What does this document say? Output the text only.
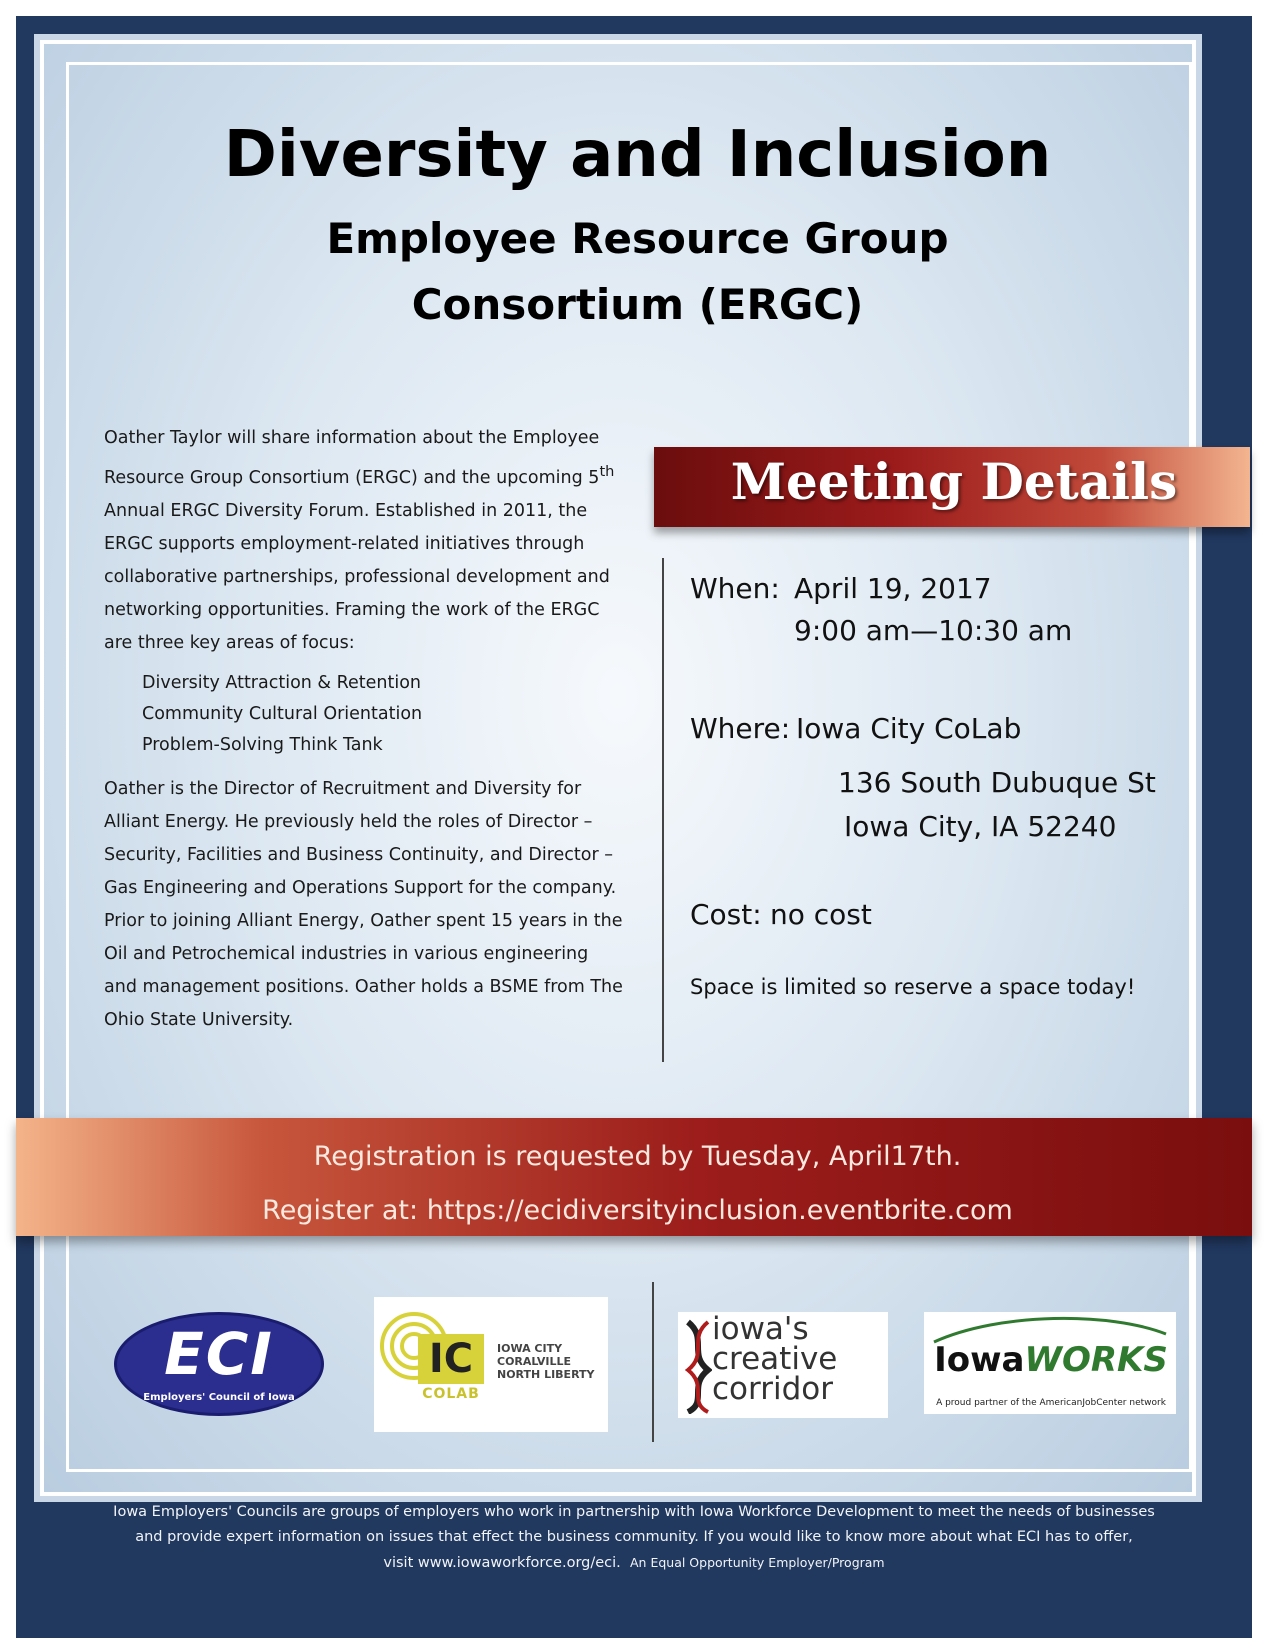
Diversity and Inclusion
Employee Resource Group
Consortium (ERGC)

Oather Taylor will share information about the Employee Resource Group Consortium (ERGC) and the upcoming 5th Annual ERGC Diversity Forum. Established in 2011, the ERGC supports employment-related initiatives through collaborative partnerships, professional development and networking opportunities. Framing the work of the ERGC are three key areas of focus:

Diversity Attraction & Retention
Community Cultural Orientation
Problem-Solving Think Tank

Oather is the Director of Recruitment and Diversity for Alliant Energy. He previously held the roles of Director – Security, Facilities and Business Continuity, and Director – Gas Engineering and Operations Support for the company. Prior to joining Alliant Energy, Oather spent 15 years in the Oil and Petrochemical industries in various engineering and management positions. Oather holds a BSME from The Ohio State University.

Meeting Details
When: April 19, 2017
9:00 am—10:30 am
Where: Iowa City CoLab
136 South Dubuque St
Iowa City, IA 52240
Cost: no cost
Space is limited so reserve a space today!
Registration is requested by Tuesday, April17th.
Register at: https://ecidiversityinclusion.eventbrite.com
ECI
Employers' Council of Iowa
IC
COLAB
IOWA CITY
CORALVILLE
NORTH LIBERTY
iowa's
creative
corridor
IowaWORKS
A proud partner of the AmericanJobCenter network
Iowa Employers' Councils are groups of employers who work in partnership with Iowa Workforce Development to meet the needs of businesses
and provide expert information on issues that effect the business community. If you would like to know more about what ECI has to offer,
visit www.iowaworkforce.org/eci. An Equal Opportunity Employer/Program
